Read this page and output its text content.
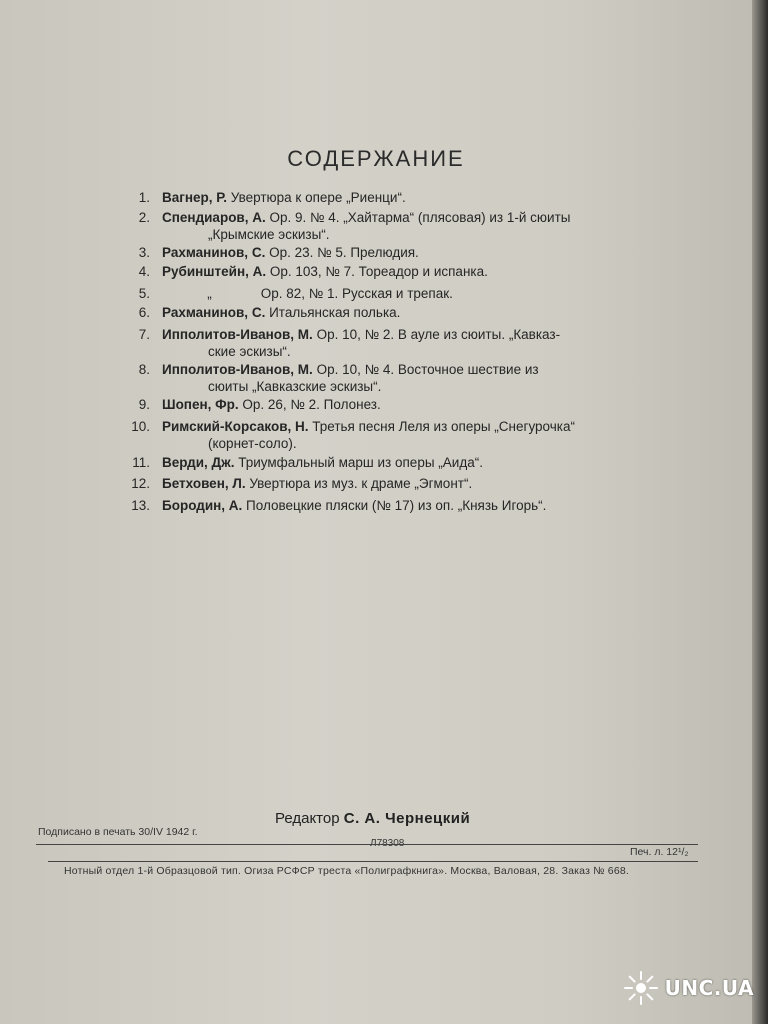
СОДЕРЖАНИЕ
1. Вагнер, Р. Увертюра к опере „Риенци“.
2. Спендиаров, А. Ор. 9. № 4. „Хайтарма“ (плясовая) из 1-й сюиты
„Крымские эскизы“.
3. Рахманинов, С. Ор. 23. № 5. Прелюдия.
4. Рубинштейн, А. Ор. 103, № 7. Тореадор и испанка.
5.	„	Ор. 82, № 1. Русская и трепак.
6. Рахманинов, С. Итальянская полька.
7. Ипполитов-Иванов, М. Ор. 10, № 2. В ауле из сюиты. „Кавказ-
ские эскизы“.
8. Ипполитов-Иванов, М. Ор. 10, № 4. Восточное шествие из
сюиты „Кавказские эскизы“.
9. Шопен, Фр. Ор. 26, № 2. Полонез.
10. Римский-Корсаков, Н. Третья песня Леля из оперы „Снегурочка“
(корнет-соло).
11. Верди, Дж. Триумфальный марш из оперы „Аида“.
12. Бетховен, Л. Увертюра из муз. к драме „Эгмонт“.
13. Бородин, А. Половецкие пляски (№ 17) из оп. „Князь Игорь“.
Редактор С. А. Чернецкий
Подписано в печать 30/IV 1942 г.
Печ. л. 12¹/₂
Нотный отдел 1-й Образцовой тип. Огиза РСФСР треста «Полиграфкнига». Москва, Валовая, 28. Заказ № 668.
UNC.UA
